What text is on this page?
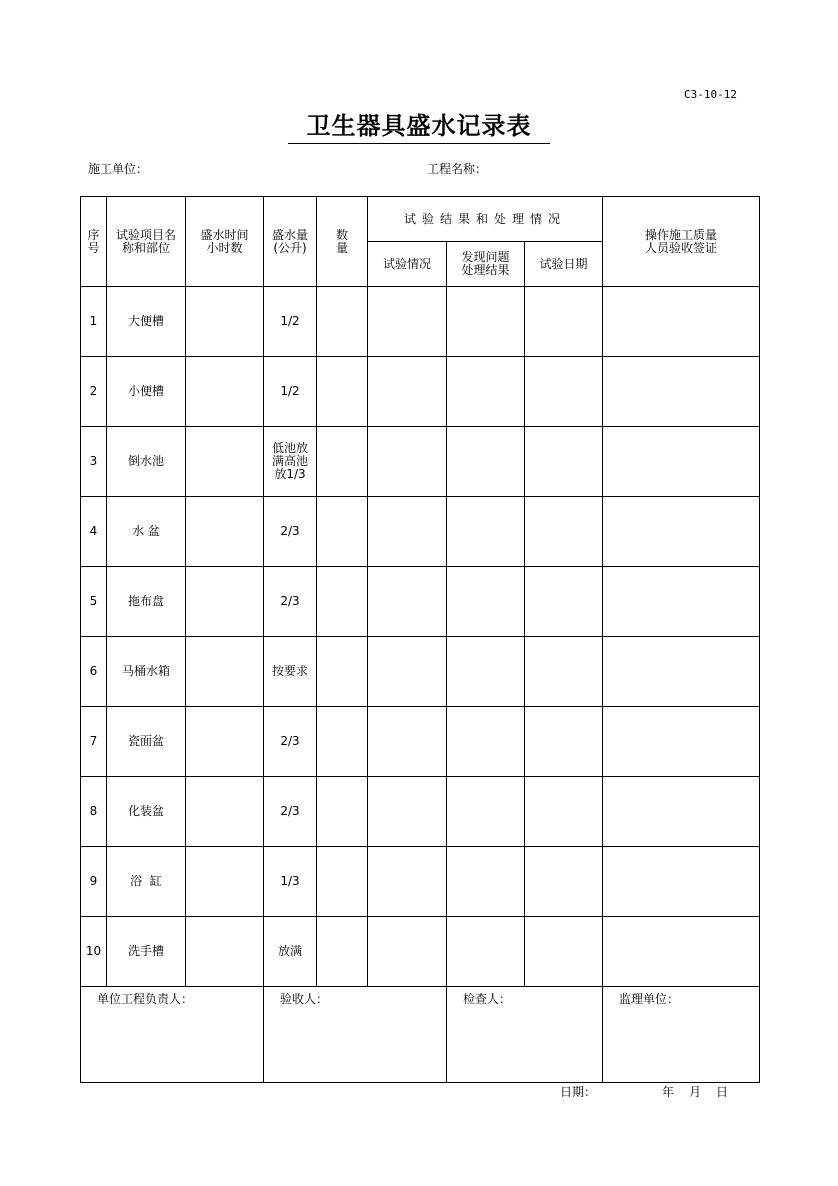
C3-10-12
卫生器具盛水记录表
施工单位：	工程名称：
序号	试验项目名称和部位	盛水时间小时数	盛水量(公升)	数量	试验结果和处理情况			操作施工质量人员验收签证
					试验情况	发现问题处理结果	试验日期	
1	大便槽		1/2					
2	小便槽		1/2					
3	倒水池		低池放满高池放1/3					
4	水 盆		2/3					
5	拖布盘		2/3					
6	马桶水箱		按要求					
7	瓷面盆		2/3					
8	化装盆		2/3					
9	浴  缸		1/3					
10	洗手槽		放满					
单位工程负责人：			验收人：			检查人：		监理单位：
日期：	年 月 日
